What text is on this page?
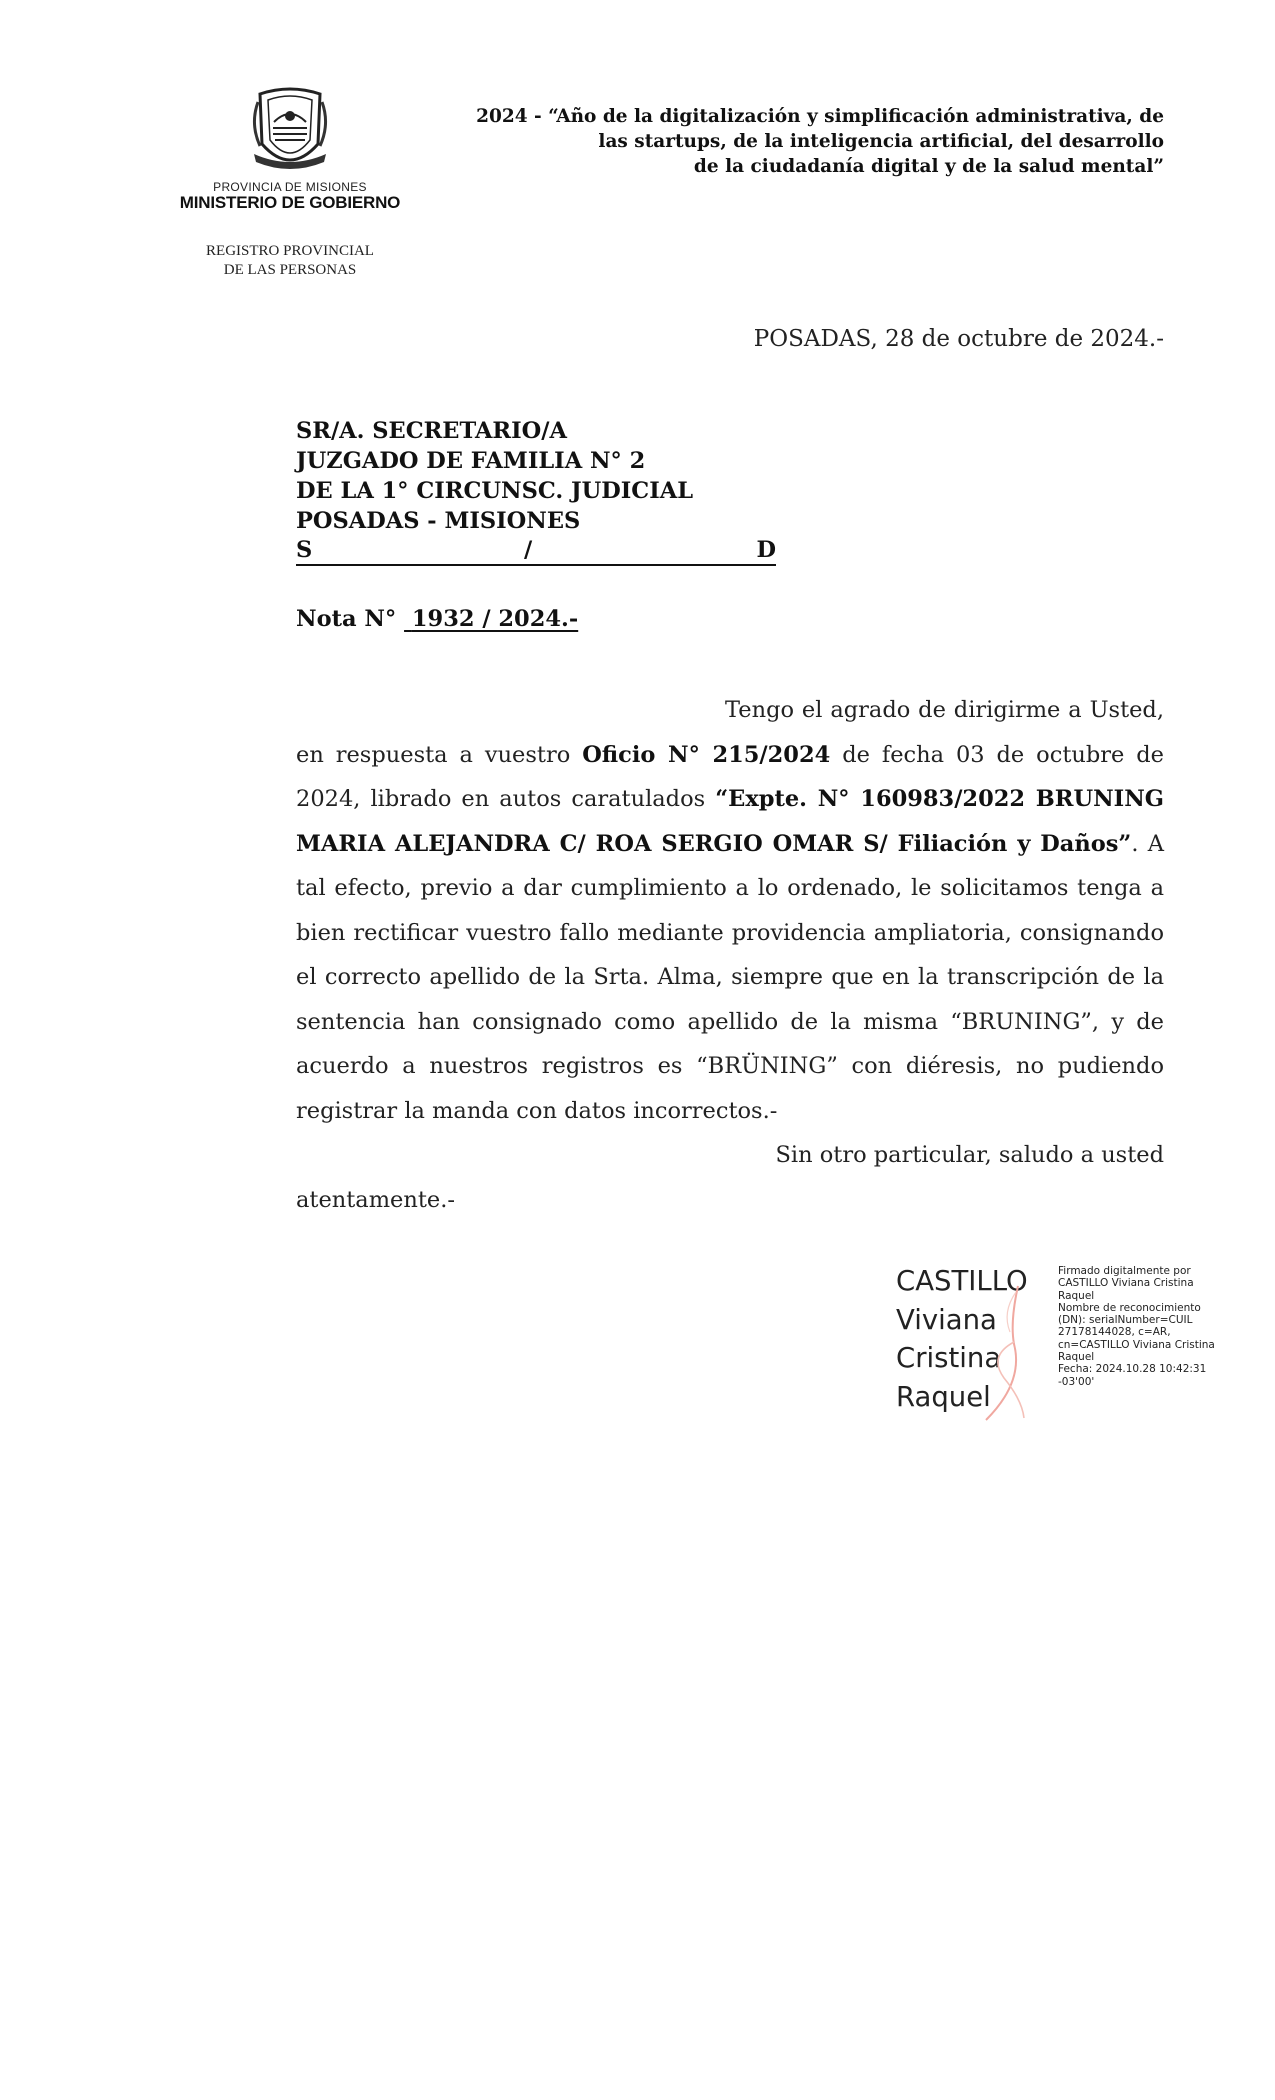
PROVINCIA DE MISIONES
MINISTERIO DE GOBIERNO
REGISTRO PROVINCIAL
DE LAS PERSONAS
2024 - “Año de la digitalización y simplificación administrativa, de
las startups, de la inteligencia artificial, del desarrollo
de la ciudadanía digital y de la salud mental”
POSADAS, 28 de octubre de 2024.-
SR/A. SECRETARIO/A
JUZGADO DE FAMILIA N° 2
DE LA 1° CIRCUNSC. JUDICIAL
POSADAS - MISIONES
S	/	D
Nota N° 1932 / 2024.-

Tengo el agrado de dirigirme a Usted, en respuesta a vuestro Oficio N° 215/2024 de fecha 03 de octubre de 2024, librado en autos caratulados “Expte. N° 160983/2022 BRUNING MARIA ALEJANDRA C/ ROA SERGIO OMAR S/ Filiación y Daños”. A tal efecto, previo a dar cumplimiento a lo ordenado, le solicitamos tenga a bien rectificar vuestro fallo mediante providencia ampliatoria, consignando el correcto apellido de la Srta. Alma, siempre que en la transcripción de la sentencia han consignado como apellido de la misma “BRUNING”, y de acuerdo a nuestros registros es “BRÜNING” con diéresis, no pudiendo registrar la manda con datos incorrectos.-

Sin otro particular, saludo a usted

atentamente.-

CASTILLO
Viviana
Cristina
Raquel
Firmado digitalmente por
CASTILLO Viviana Cristina
Raquel
Nombre de reconocimiento
(DN): serialNumber=CUIL
27178144028, c=AR,
cn=CASTILLO Viviana Cristina
Raquel
Fecha: 2024.10.28 10:42:31
-03'00'
